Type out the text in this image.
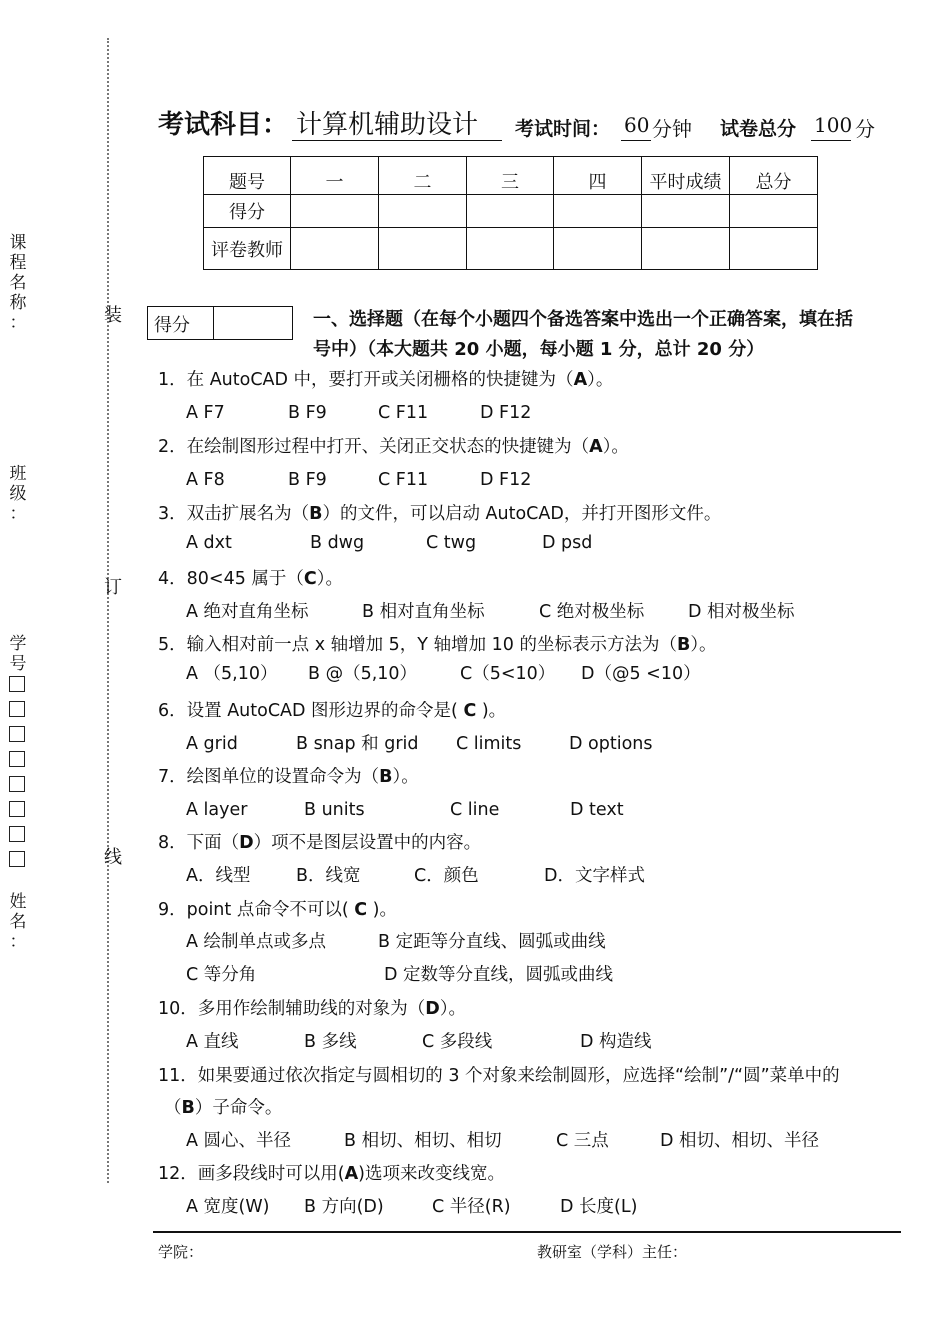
装
订
线
课
程
名
称
：
班
级
：
学
号
姓
名
：
考试科目： 计算机辅助设计 考试时间： 60 分钟 试卷总分 100 分
题号	一	二	三	四	平时成绩	总分
得分						
评卷教师						
得分	一、选择题（在每个小题四个备选答案中选出一个正确答案，填在括
号中）（本大题共 20 小题，每小题 1 分，总计 20 分）
1．在 AutoCAD 中，要打开或关闭栅格的快捷键为（A）。
A F7	B F9	C F11	D F12
2．在绘制图形过程中打开、关闭正交状态的快捷键为（A）。
A F8	B F9	C F11	D F12
3．双击扩展名为（B）的文件，可以启动 AutoCAD，并打开图形文件。
A dxt	B dwg	C twg	D psd
4．80<45 属于（C）。
A 绝对直角坐标	B 相对直角坐标	C 绝对极坐标 D 相对极坐标
5．输入相对前一点 x 轴增加 5，Y 轴增加 10 的坐标表示方法为（B）。
A （5,10） B @（5,10） C（5<10） D（@5 <10）
6．设置 AutoCAD 图形边界的命令是( C )。
A grid	B snap 和 grid C limits	D options
7．绘图单位的设置命令为（B）。
A layer	B units	C line	D text
8．下面（D）项不是图层设置中的内容。
A．线型	B．线宽	C．颜色	D．文字样式
9．point 点命令不可以( C )。
A 绘制单点或多点	B 定距等分直线、圆弧或曲线
C 等分角	D 定数等分直线，圆弧或曲线
10．多用作绘制辅助线的对象为（D）。
A 直线	B 多线	C 多段线	D 构造线
11．如果要通过依次指定与圆相切的 3 个对象来绘制圆形，应选择“绘制”/“圆”菜单中的
（B）子命令。
A 圆心、半径	B 相切、相切、相切	C 三点	D 相切、相切、半径
12．画多段线时可以用(A)选项来改变线宽。
A 宽度(W) B 方向(D)	C 半径(R)	D 长度(L)
学院：	教研室（学科）主任：
